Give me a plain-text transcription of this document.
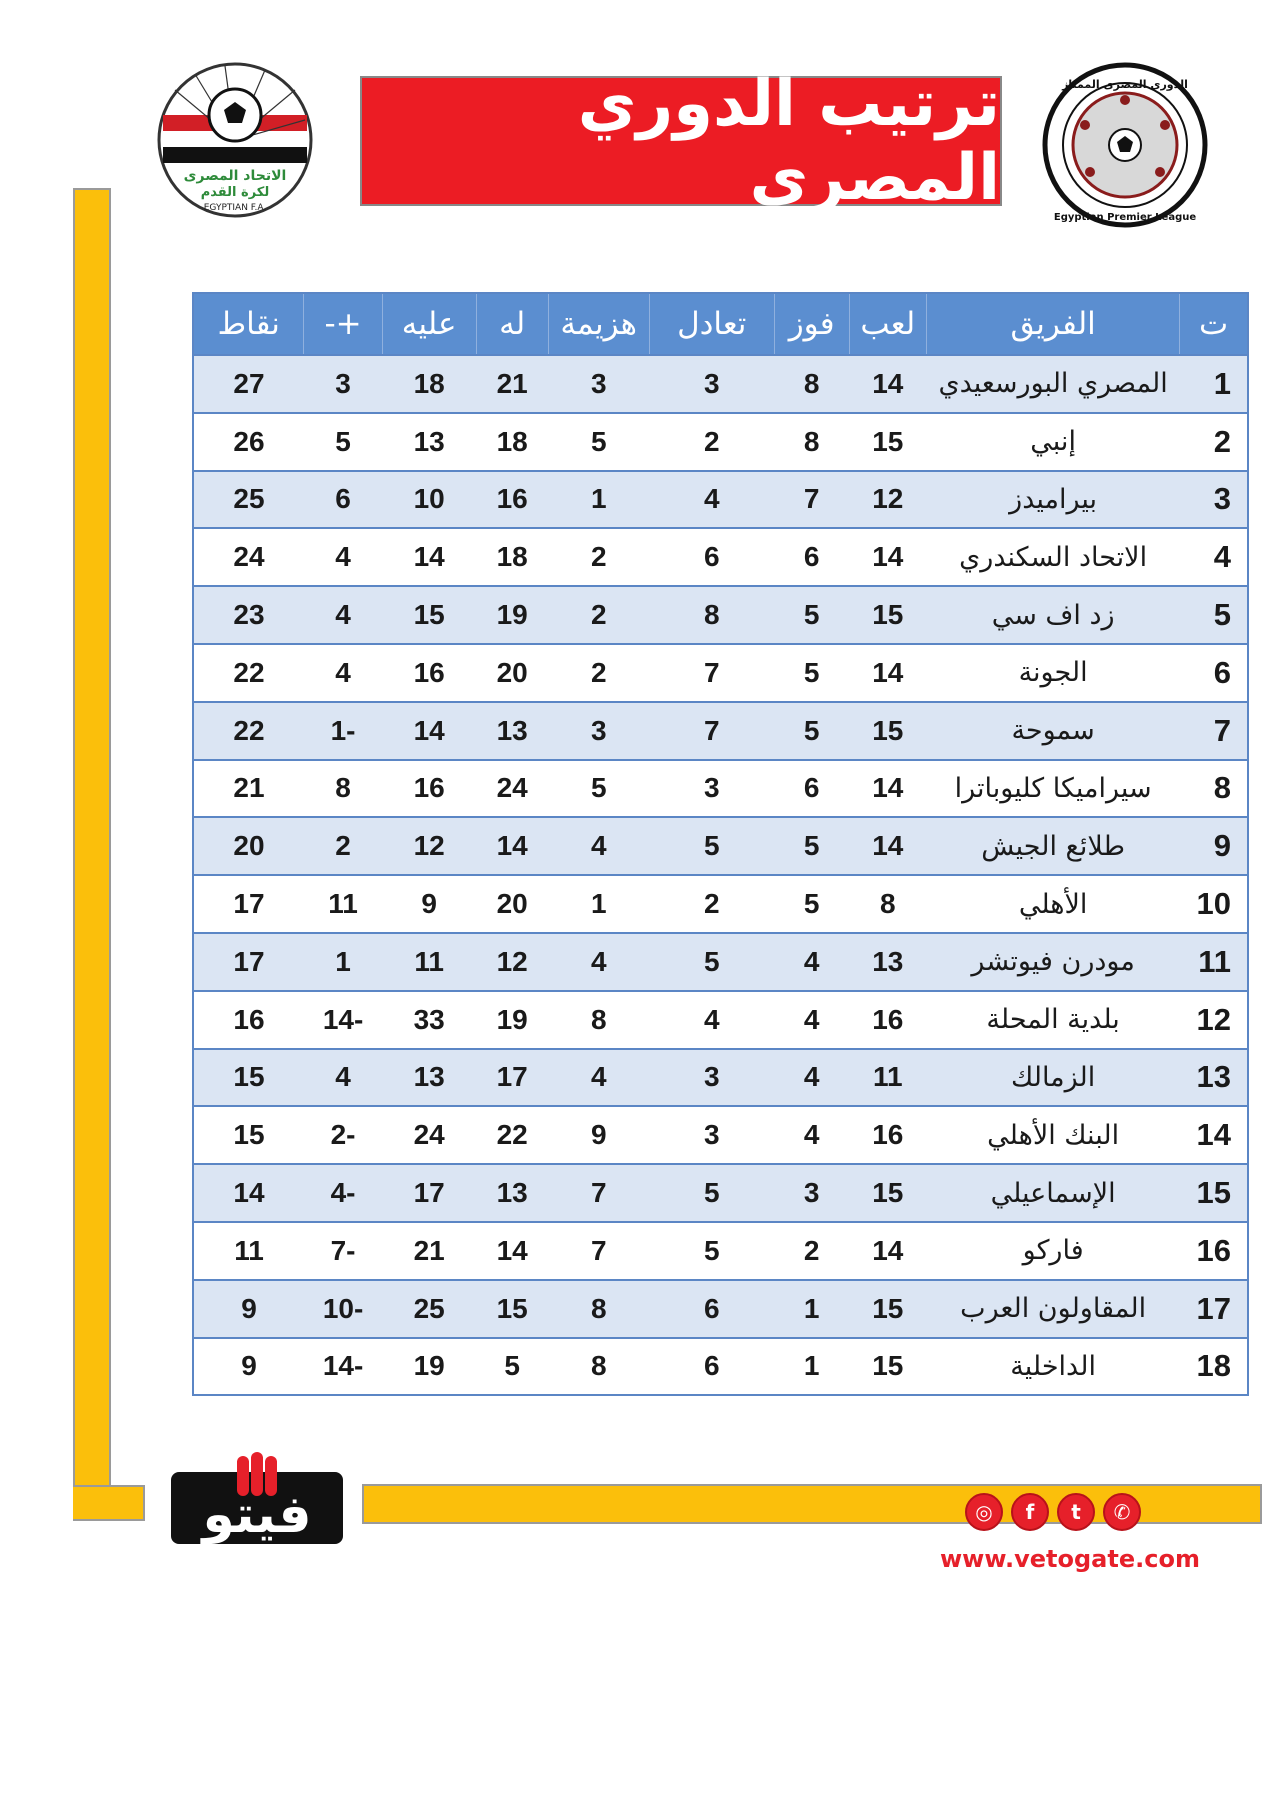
الاتحاد المصرى
لكرة القدم
EGYPTIAN F.A.
ترتيب الدوري المصري
الدورى المصرى الممتاز
Egyptian Premier League
ت	الفريق	لعب	فوز	تعادل	هزيمة	له	عليه	+-	نقاط
1	المصري البورسعيدي	14	8	3	3	21	18	3	27
2	إنبي	15	8	2	5	18	13	5	26
3	بيراميدز	12	7	4	1	16	10	6	25
4	الاتحاد السكندري	14	6	6	2	18	14	4	24
5	زد اف سي	15	5	8	2	19	15	4	23
6	الجونة	14	5	7	2	20	16	4	22
7	سموحة	15	5	7	3	13	14	-1	22
8	سيراميكا كليوباترا	14	6	3	5	24	16	8	21
9	طلائع الجيش	14	5	5	4	14	12	2	20
10	الأهلي	8	5	2	1	20	9	11	17
11	مودرن فيوتشر	13	4	5	4	12	11	1	17
12	بلدية المحلة	16	4	4	8	19	33	-14	16
13	الزمالك	11	4	3	4	17	13	4	15
14	البنك الأهلي	16	4	3	9	22	24	-2	15
15	الإسماعيلي	15	3	5	7	13	17	-4	14
16	فاركو	14	2	5	7	14	21	-7	11
17	المقاولون العرب	15	1	6	8	15	25	-10	9
18	الداخلية	15	1	6	8	5	19	-14	9
فيتو	◎	f	t	✆
www.vetogate.com
